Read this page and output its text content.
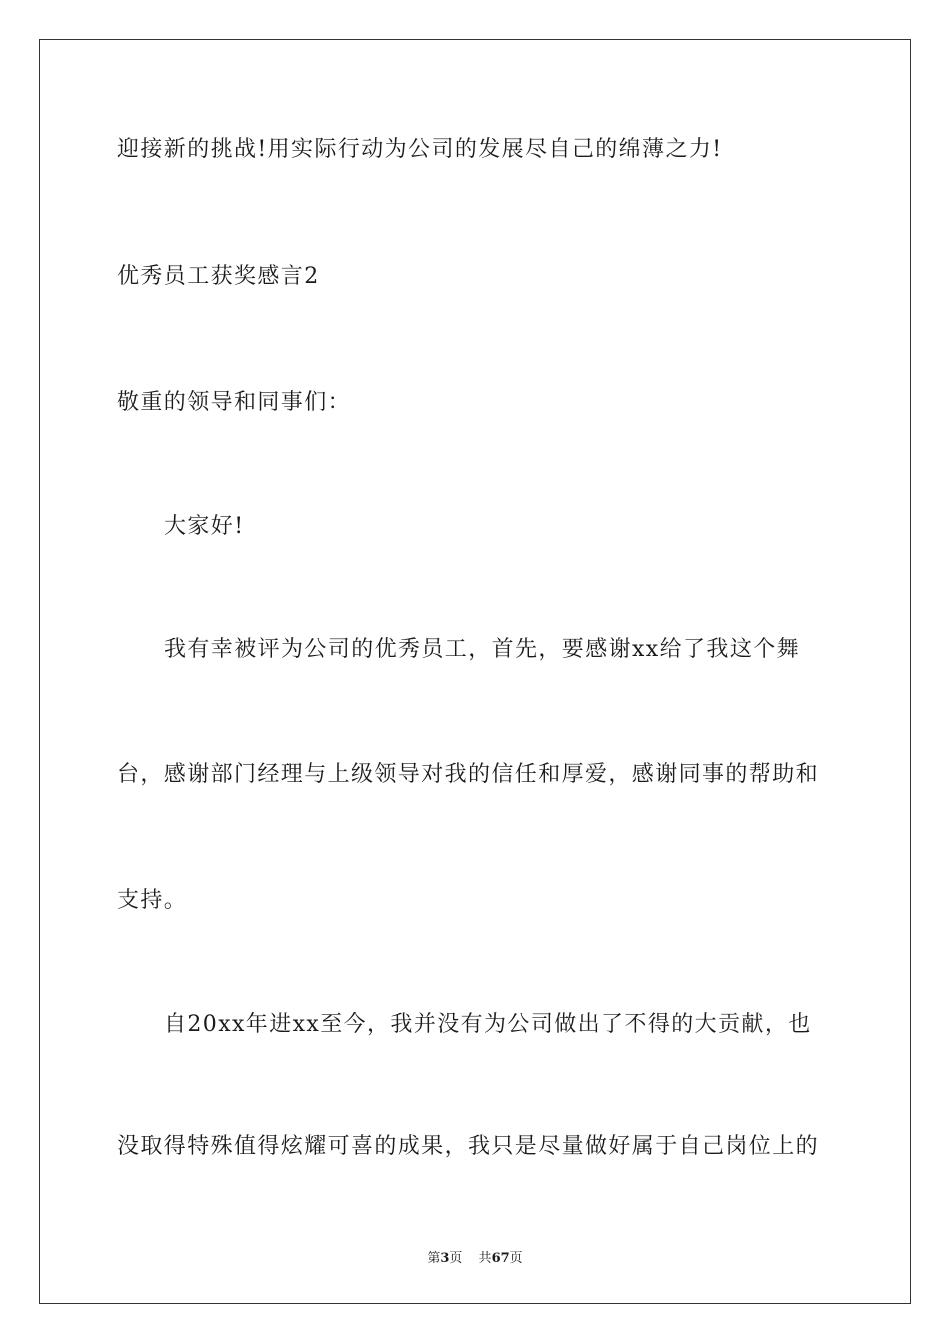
迎接新的挑战!用实际行动为公司的发展尽自己的绵薄之力!
优秀员工获奖感言2
敬重的领导和同事们：
大家好!
我有幸被评为公司的优秀员工，首先，要感谢xx给了我这个舞
台，感谢部门经理与上级领导对我的信任和厚爱，感谢同事的帮助和
支持。
自20xx年进xx至今，我并没有为公司做出了不得的大贡献，也
没取得特殊值得炫耀可喜的成果，我只是尽量做好属于自己岗位上的
第3页 共67页
